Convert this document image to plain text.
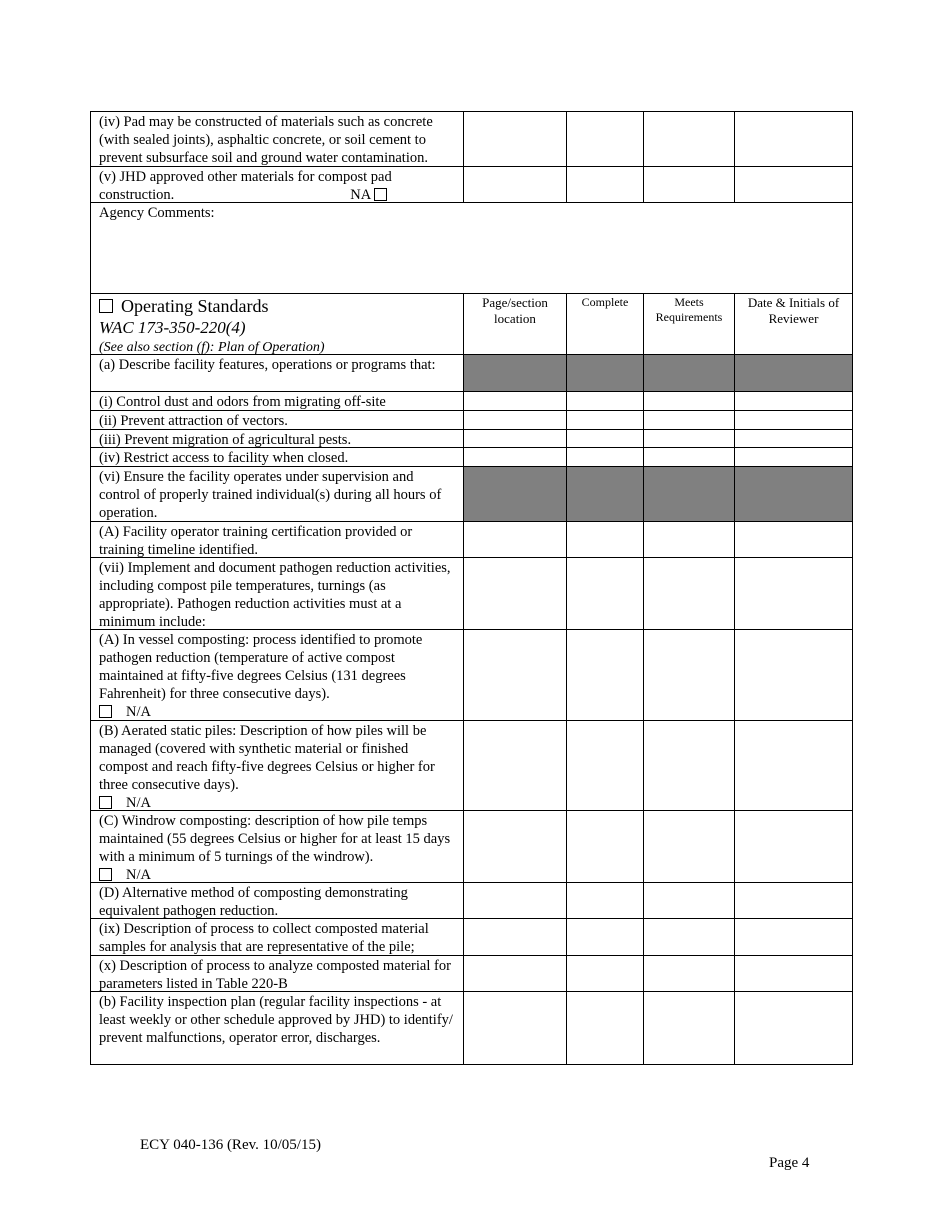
(iv) Pad may be constructed of materials such as concrete (with sealed joints), asphaltic concrete, or soil cement to prevent subsurface soil and ground water contamination.
(v) JHD approved other materials for compost pad
construction.	NA
Agency Comments:
Operating Standards
WAC 173-350-220(4)
(See also section (f): Plan of Operation)
Page/section location
Complete	Meets Requirements
Date & Initials of Reviewer
(a) Describe facility features, operations or programs that:
(i) Control dust and odors from migrating off-site
(ii) Prevent attraction of vectors.
(iii) Prevent migration of agricultural pests.
(iv) Restrict access to facility when closed.
(vi) Ensure the facility operates under supervision and control of properly trained individual(s) during all hours of operation.
(A) Facility operator training certification provided or training timeline identified.
(vii) Implement and document pathogen reduction activities, including compost pile temperatures, turnings (as appropriate). Pathogen reduction activities must at a minimum include:
(A) In vessel composting: process identified to promote pathogen reduction (temperature of active compost maintained at fifty-five degrees Celsius (131 degrees Fahrenheit) for three consecutive days).
N/A
(B) Aerated static piles: Description of how piles will be managed (covered with synthetic material or finished compost and reach fifty-five degrees Celsius or higher for three consecutive days).
N/A
(C) Windrow composting: description of how pile temps maintained (55 degrees Celsius or higher for at least 15 days with a minimum of 5 turnings of the windrow).
N/A
(D) Alternative method of composting demonstrating equivalent pathogen reduction.
(ix) Description of process to collect composted material samples for analysis that are representative of the pile;
(x) Description of process to analyze composted material for parameters listed in Table 220-B
(b) Facility inspection plan (regular facility inspections - at least weekly or other schedule approved by JHD) to identify/ prevent malfunctions, operator error, discharges.
ECY 040-136 (Rev. 10/05/15)
Page 4
